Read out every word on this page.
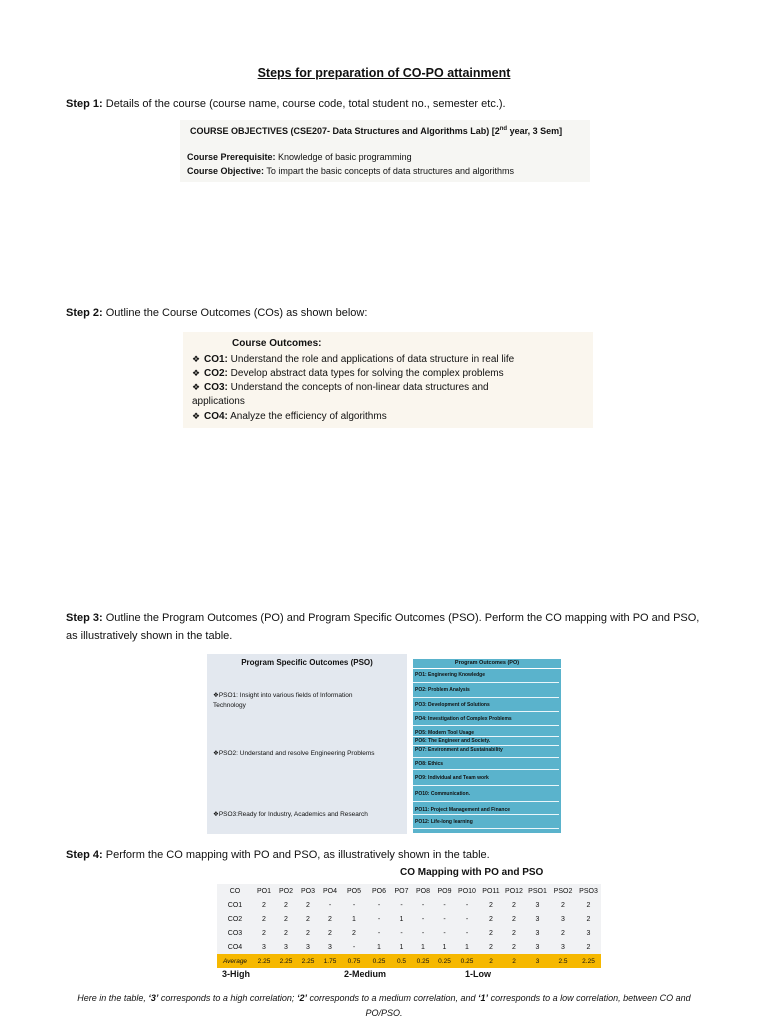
Steps for preparation of CO-PO attainment
Step 1: Details of the course (course name, course code, total student no., semester etc.).
COURSE OBJECTIVES (CSE207- Data Structures and Algorithms Lab) [2nd year, 3 Sem]
Course Prerequisite: Knowledge of basic programming
Course Objective: To impart the basic concepts of data structures and algorithms
Step 2: Outline the Course Outcomes (COs) as shown below:
Course Outcomes:
❖ CO1: Understand the role and applications of data structure in real life
❖ CO2: Develop abstract data types for solving the complex problems
❖ CO3: Understand the concepts of non-linear data structures and applications
❖ CO4: Analyze the efficiency of algorithms
Step 3: Outline the Program Outcomes (PO) and Program Specific Outcomes (PSO). Perform the CO mapping with PO and PSO, as illustratively shown in the table.
Program Specific Outcomes (PSO)
❖PSO1: Insight into various fields of Information Technology
❖PSO2: Understand and resolve Engineering Problems
❖PSO3:Ready for Industry, Academics and Research
Program Outcomes (PO)
PO1: Engineering Knowledge
PO2: Problem Analysis
PO3: Development of Solutions
PO4: Investigation of Complex Problems
PO5: Modern Tool Usage
PO6: The Engineer and Society.
PO7: Environment and Sustainability
PO8: Ethics
PO9: Individual and Team work
PO10: Communication.
PO11: Project Management and Finance
PO12: Life-long learning
Step 4: Perform the CO mapping with PO and PSO, as illustratively shown in the table.
CO Mapping with PO and PSO
CO	PO1	PO2	PO3	PO4	PO5	PO6	PO7	PO8	PO9	PO10	PO11	PO12	PSO1	PSO2	PSO3
CO1	2	2	2	-	-	-	-	-	-	-	2	2	3	2	2
CO2	2	2	2	2	1	-	1	-	-	-	2	2	3	3	2
CO3	2	2	2	2	2	-	-	-	-	-	2	2	3	2	3
CO4	3	3	3	3	-	1	1	1	1	1	2	2	3	3	2
Average	2.25	2.25	2.25	1.75	0.75	0.25	0.5	0.25	0.25	0.25	2	2	3	2.5	2.25
3-High	2-Medium	1-Low
Here in the table, ‘3’ corresponds to a high correlation; ‘2’ corresponds to a medium correlation, and ‘1’ corresponds to a low correlation, between CO and PO/PSO.
